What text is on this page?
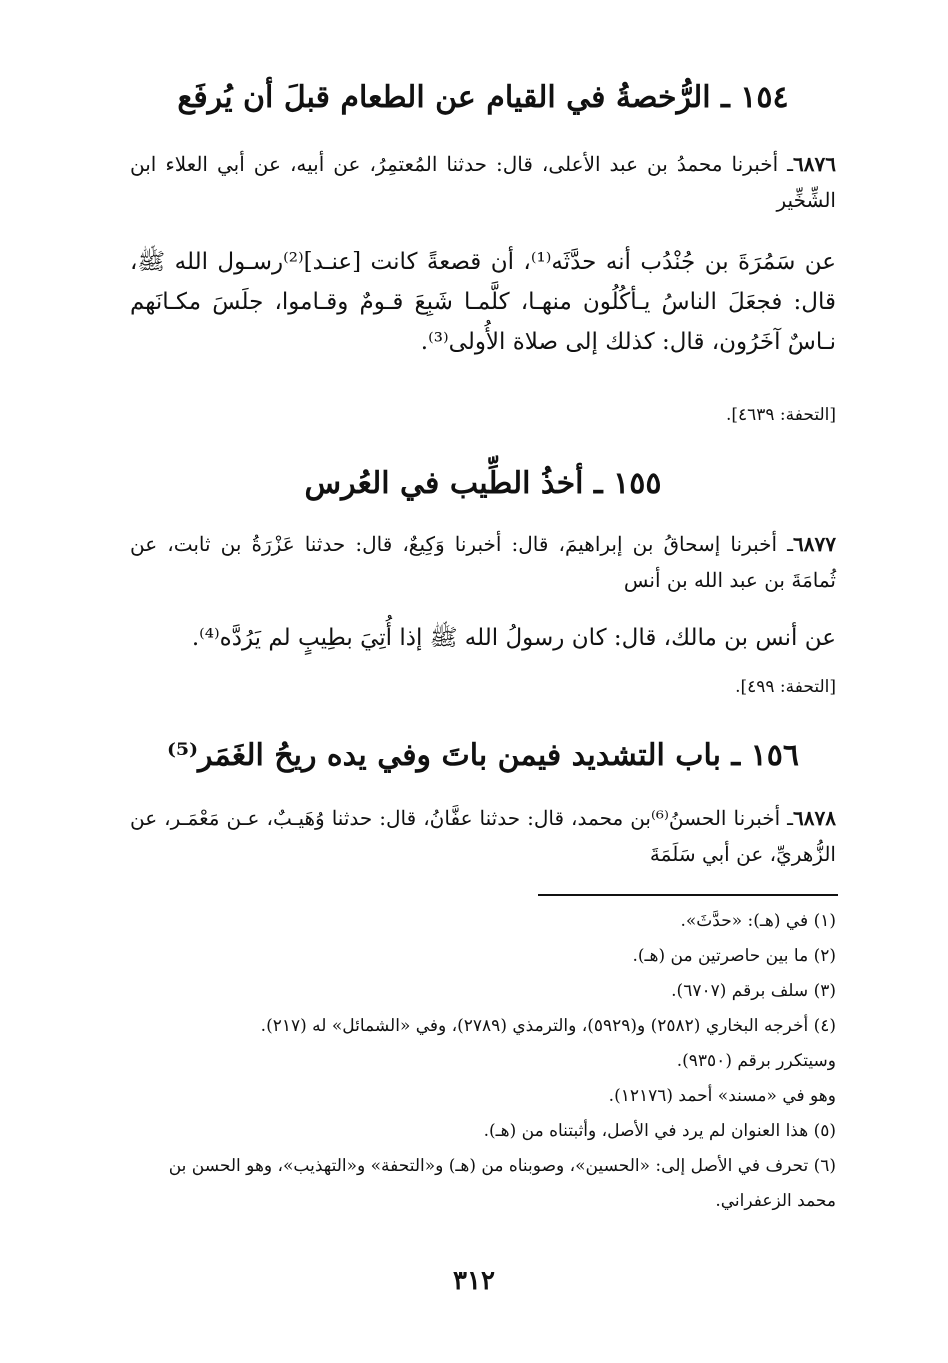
١٥٤ ـ الرُّخصةُ في القيام عن الطعام قبلَ أن يُرفَع
٦٨٧٦ـ أخبرنا محمدُ بن عبد الأعلى، قال: حدثنا المُعتمِرُ، عن أبيه، عن أبي العلاء ابن الشِّخِّير
عن سَمُرَةَ بن جُنْدُب أنه حدَّثَه⁽¹⁾، أن قصعةً كانت [عنـد]⁽²⁾رسـول الله ﷺ، قال: فجعَلَ الناسُ يـأكُلُون منهـا، كلَّمـا شَبِعَ قـومٌ وقـاموا، جلَسَ مكـانَهم نـاسٌ آخَرُون، قال: كذلك إلى صلاة الأُولى⁽³⁾.
[التحفة: ٤٦٣٩].
١٥٥ ـ أخذُ الطِّيب في العُرس
٦٨٧٧ـ أخبرنا إسحاقُ بن إبراهيمَ، قال: أخبرنا وَكِيعٌ، قال: حدثنا عَزْرَةُ بن ثابت، عن ثُمامَةَ بن عبد الله بن أنس
عن أنس بن مالك، قال: كان رسولُ الله ﷺ إذا أُتِيَ بطِيبٍ لم يَرُدَّه⁽⁴⁾.
[التحفة: ٤٩٩].
١٥٦ ـ باب التشديد فيمن باتَ وفي يده ريحُ الغَمَر⁽⁵⁾
٦٨٧٨ـ أخبرنا الحسنُ⁽⁶⁾بن محمد، قال: حدثنا عفَّانُ، قال: حدثنا وُهَيـبٌ، عـن مَعْمَـر، عن الزُّهريِّ، عن أبي سَلَمَةَ
(١) في (هـ): «حدَّثَ».
(٢) ما بين حاصرتين من (هـ).
(٣) سلف برقم (٦٧٠٧).
(٤) أخرجه البخاري (٢٥٨٢) و(٥٩٢٩)، والترمذي (٢٧٨٩)، وفي «الشمائل» له (٢١٧).
وسيتكرر برقم (٩٣٥٠).
وهو في «مسند» أحمد (١٢١٧٦).
(٥) هذا العنوان لم يرد في الأصل، وأثبتناه من (هـ).
(٦) تحرف في الأصل إلى: «الحسين»، وصوبناه من (هـ) و«التحفة» و«التهذيب»، وهو الحسن بن محمد الزعفراني.
٣١٢
